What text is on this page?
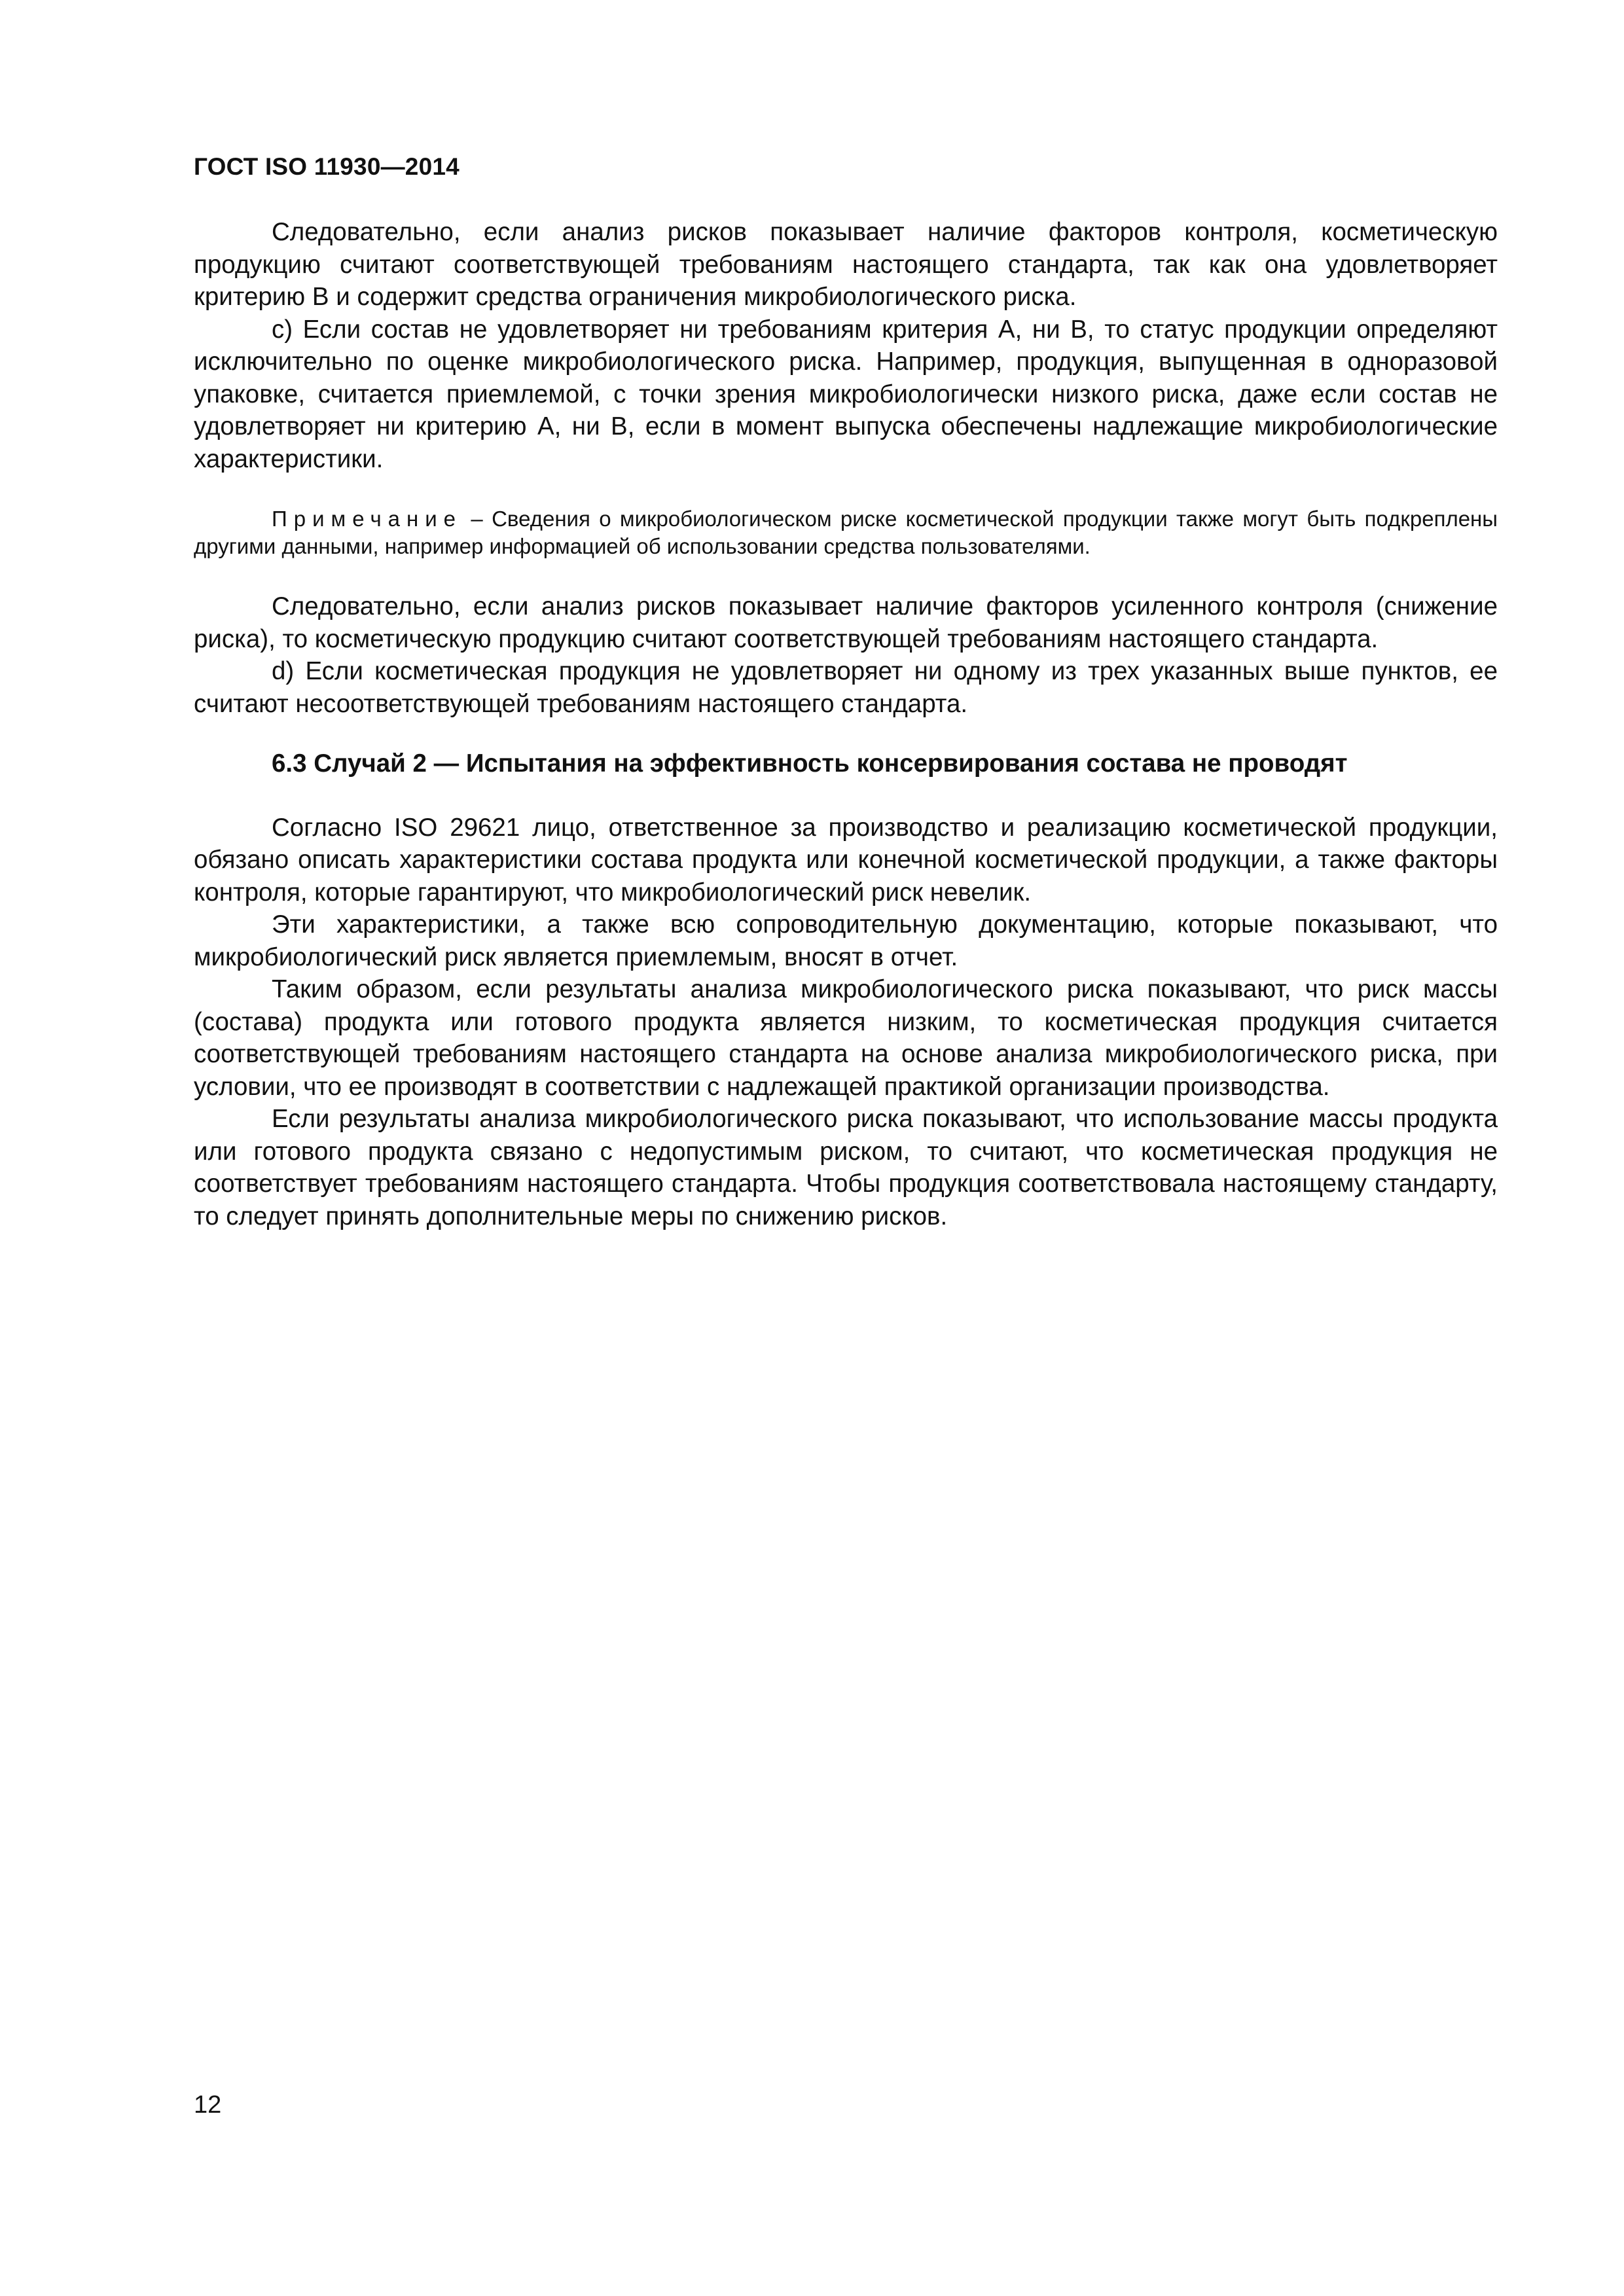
ГОСТ ISO 11930—2014

Следовательно, если анализ рисков показывает наличие факторов контроля, косметическую продукцию считают соответствующей требованиям настоящего стандарта, так как она удовлетворяет критерию В и содержит средства ограничения микробиологического риска.

с) Если состав не удовлетворяет ни требованиям критерия А, ни В, то статус продукции определяют исключительно по оценке микробиологического риска. Например, продукция, выпущенная в одноразовой упаковке, считается приемлемой, с точки зрения микробиологически низкого риска, даже если состав не удовлетворяет ни критерию А, ни В, если в момент выпуска обеспечены надлежащие микробиологические характеристики.

Примечание – Сведения о микробиологическом риске косметической продукции также могут быть подкреплены другими данными, например информацией об использовании средства пользователями.

Следовательно, если анализ рисков показывает наличие факторов усиленного контроля (снижение риска), то косметическую продукцию считают соответствующей требованиям настоящего стандарта.

d) Если косметическая продукция не удовлетворяет ни одному из трех указанных выше пунктов, ее считают несоответствующей требованиям настоящего стандарта.

6.3 Случай 2 — Испытания на эффективность консервирования состава не проводят

Согласно ISO 29621 лицо, ответственное за производство и реализацию косметической продукции, обязано описать характеристики состава продукта или конечной косметической продукции, а также факторы контроля, которые гарантируют, что микробиологический риск невелик.

Эти характеристики, а также всю сопроводительную документацию, которые показывают, что микробиологический риск является приемлемым, вносят в отчет.

Таким образом, если результаты анализа микробиологического риска показывают, что риск массы (состава) продукта или готового продукта является низким, то косметическая продукция считается соответствующей требованиям настоящего стандарта на основе анализа микробиологического риска, при условии, что ее производят в соответствии с надлежащей практикой организации производства.

Если результаты анализа микробиологического риска показывают, что использование массы продукта или готового продукта связано с недопустимым риском, то считают, что косметическая продукция не соответствует требованиям настоящего стандарта. Чтобы продукция соответствовала настоящему стандарту, то следует принять дополнительные меры по снижению рисков.

12
